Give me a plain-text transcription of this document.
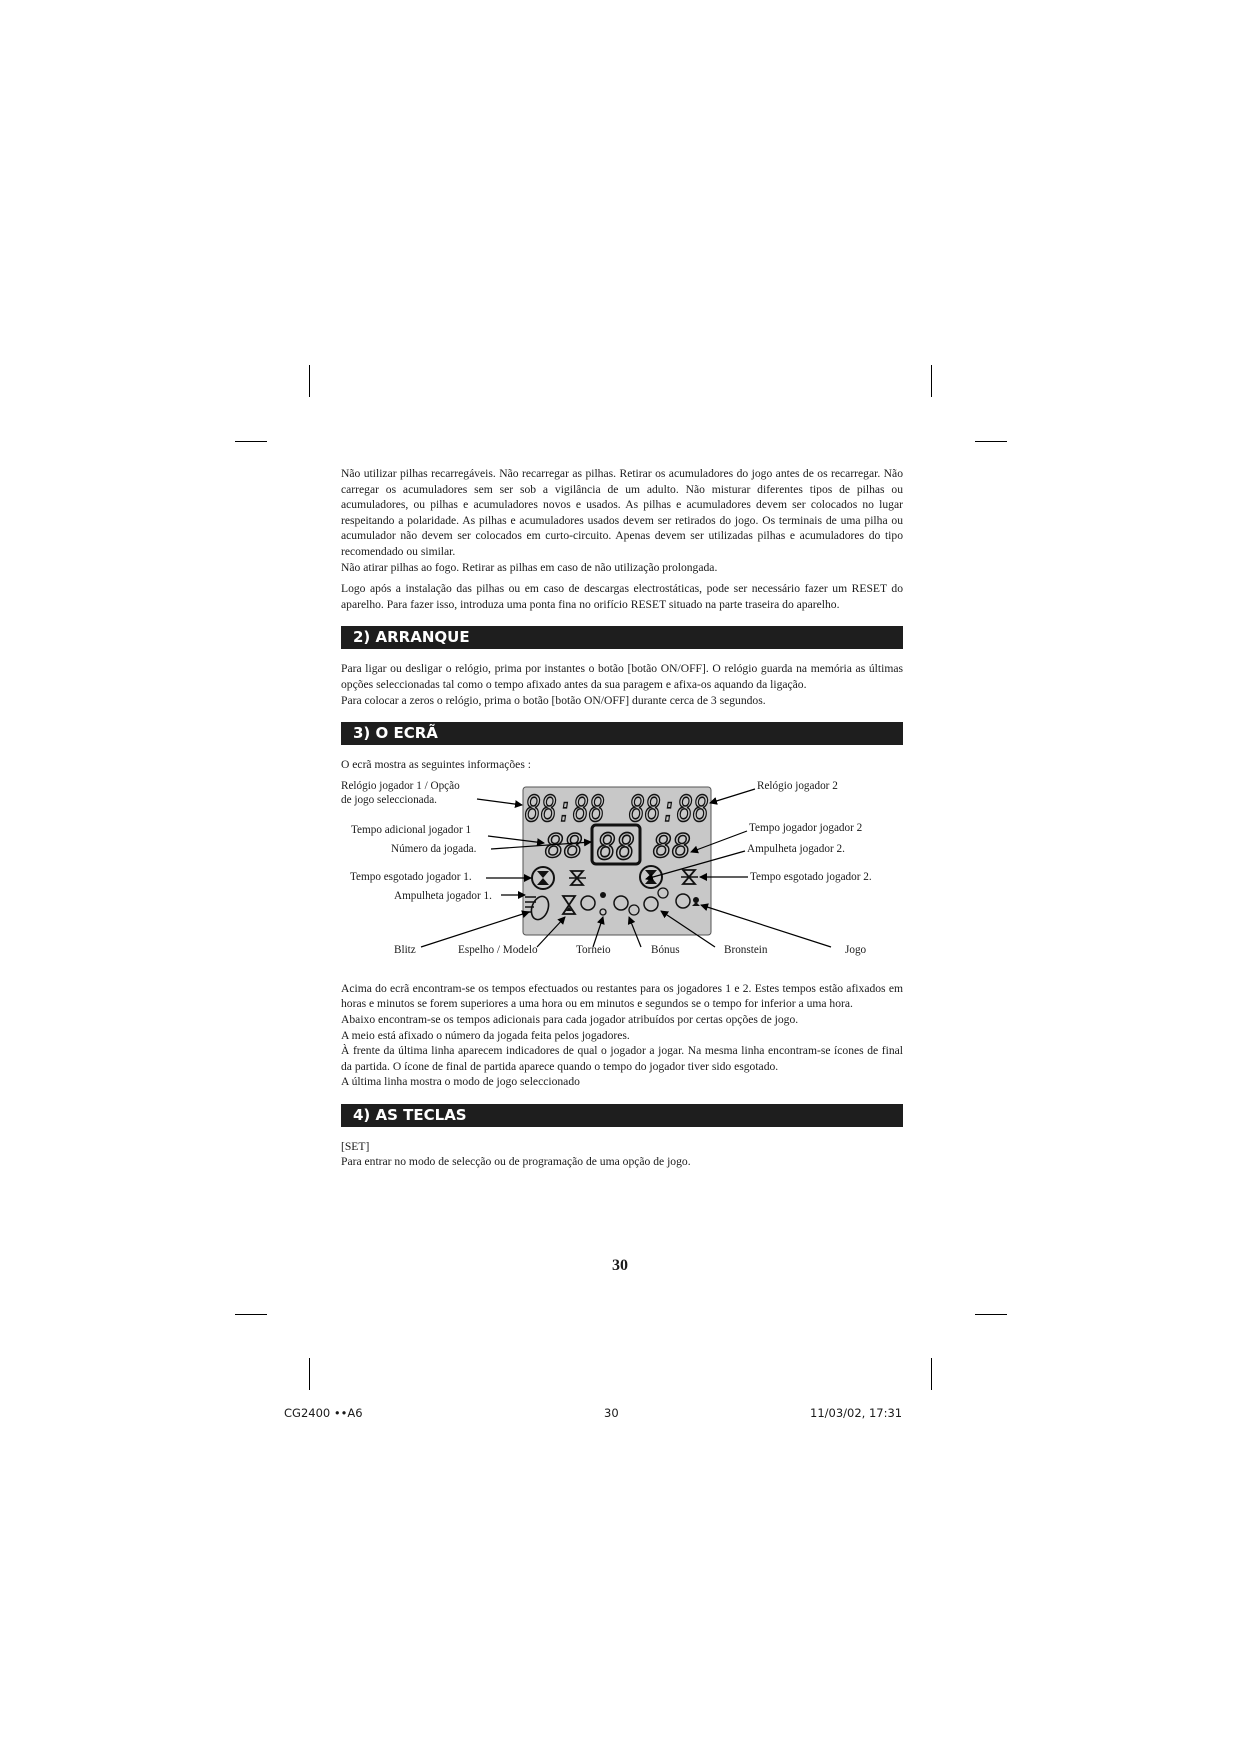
Não utilizar pilhas recarregáveis. Não recarregar as pilhas. Retirar os acumuladores do jogo antes de os recarregar. Não carregar os acumuladores sem ser sob a vigilância de um adulto. Não misturar diferentes tipos de pilhas ou acumuladores, ou pilhas e acumuladores novos e usados. As pilhas e acumuladores devem ser colocados no lugar respeitando a polaridade. As pilhas e acumuladores usados devem ser retirados do jogo. Os terminais de uma pilha ou acumulador não devem ser colocados em curto-circuito. Apenas devem ser utilizadas pilhas e acumuladores do tipo recomendado ou similar.
Não atirar pilhas ao fogo. Retirar as pilhas em caso de não utilização prolongada.
Logo após a instalação das pilhas ou em caso de descargas electrostáticas, pode ser necessário fazer um RESET do aparelho. Para fazer isso, introduza uma ponta fina no orifício RESET situado na parte traseira do aparelho.
2) ARRANQUE
Para ligar ou desligar o relógio, prima por instantes o botão [botão ON/OFF]. O relógio guarda na memória as últimas opções seleccionadas tal como o tempo afixado antes da sua paragem e afixa-os aquando da ligação.
Para colocar a zeros o relógio, prima o botão [botão ON/OFF] durante cerca de 3 segundos.
3) O ECRÃ
O ecrã mostra as seguintes informações :
88:88 88:88
88 88 88
Relógio jogador 1 / Opção
de jogo seleccionada.
Relógio jogador 2
Tempo adicional jogador 1
Número da jogada.
Tempo jogador jogador 2
Ampulheta jogador 2.
Tempo esgotado jogador 1.	Tempo esgotado jogador 2.
Ampulheta jogador 1.
Blitz	Espelho / Modelo	Torneio	Bónus	Bronstein	Jogo
Acima do ecrã encontram-se os tempos efectuados ou restantes para os jogadores 1 e 2. Estes tempos estão afixados em horas e minutos se forem superiores a uma hora ou em minutos e segundos se o tempo for inferior a uma hora.
Abaixo encontram-se os tempos adicionais para cada jogador atribuídos por certas opções de jogo.
A meio está afixado o número da jogada feita pelos jogadores.
À frente da última linha aparecem indicadores de qual o jogador a jogar. Na mesma linha encontram-se ícones de final da partida. O ícone de final de partida aparece quando o tempo do jogador tiver sido esgotado.
A última linha mostra o modo de jogo seleccionado
4) AS TECLAS
[SET]
Para entrar no modo de selecção ou de programação de uma opção de jogo.
30
CG2400 ••A6	30	11/03/02, 17:31
